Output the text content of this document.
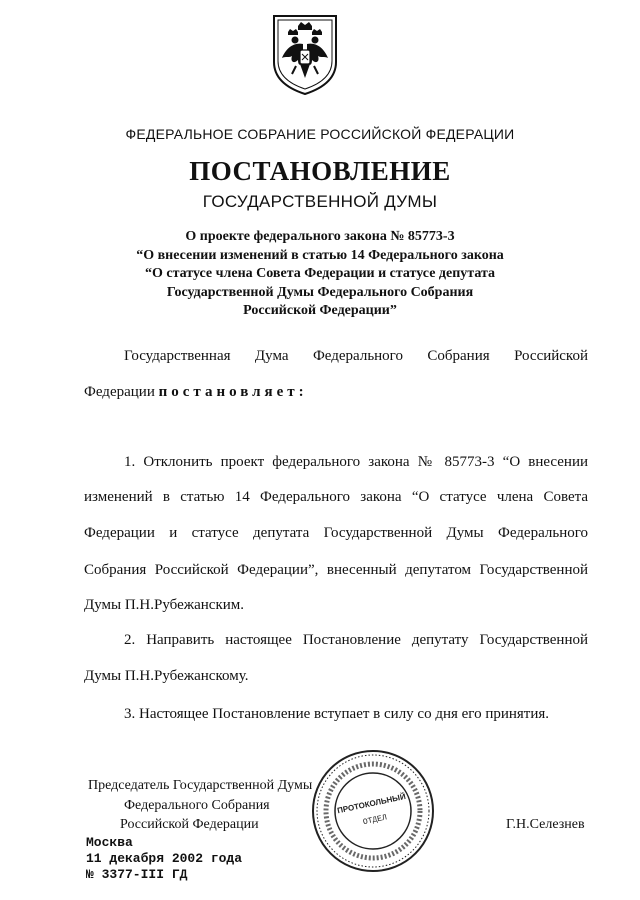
ФЕДЕРАЛЬНОЕ СОБРАНИЕ РОССИЙСКОЙ ФЕДЕРАЦИИ
ПОСТАНОВЛЕНИЕ
ГОСУДАРСТВЕННОЙ ДУМЫ
О проекте федерального закона № 85773-3
“О внесении изменений в статью 14 Федерального закона
“О статусе члена Совета Федерации и статусе депутата
Государственной Думы Федерального Собрания
Российской Федерации”
Государственная Дума Федерального Собрания Российской
Федерации постановляет:
1. Отклонить проект федерального закона № 85773-3 “О внесении
изменений в статью 14 Федерального закона “О статусе члена Совета
Федерации и статусе депутата Государственной Думы Федерального
Собрания Российской Федерации”, внесенный депутатом Государственной
Думы П.Н.Рубежанским.
2. Направить настоящее Постановление депутату Государственной
Думы П.Н.Рубежанскому.
3. Настоящее Постановление вступает в силу со дня его принятия.
Председатель Государственной Думы
Федерального Собрания
Российской Федерации	Г.Н.Селезнев
Москва
11 декабря 2002 года
№ 3377-III ГД
ПРОТОКОЛЬНЫЙ
ОТДЕЛ
